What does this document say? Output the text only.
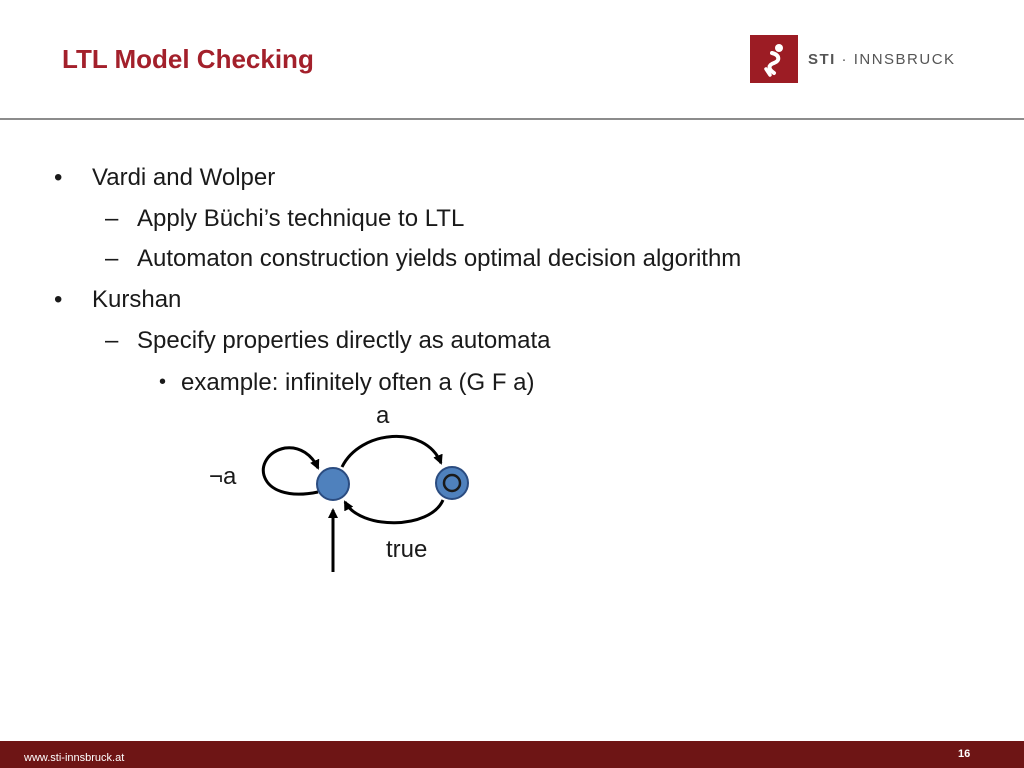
LTL Model Checking	STI · INNSBRUCK
• Vardi and Wolper
– Apply Büchi’s technique to LTL
– Automaton construction yields optimal decision algorithm
• Kurshan
– Specify properties directly as automata
• example: infinitely often a (G F a)
a
¬a
true
www.sti-innsbruck.at	16
